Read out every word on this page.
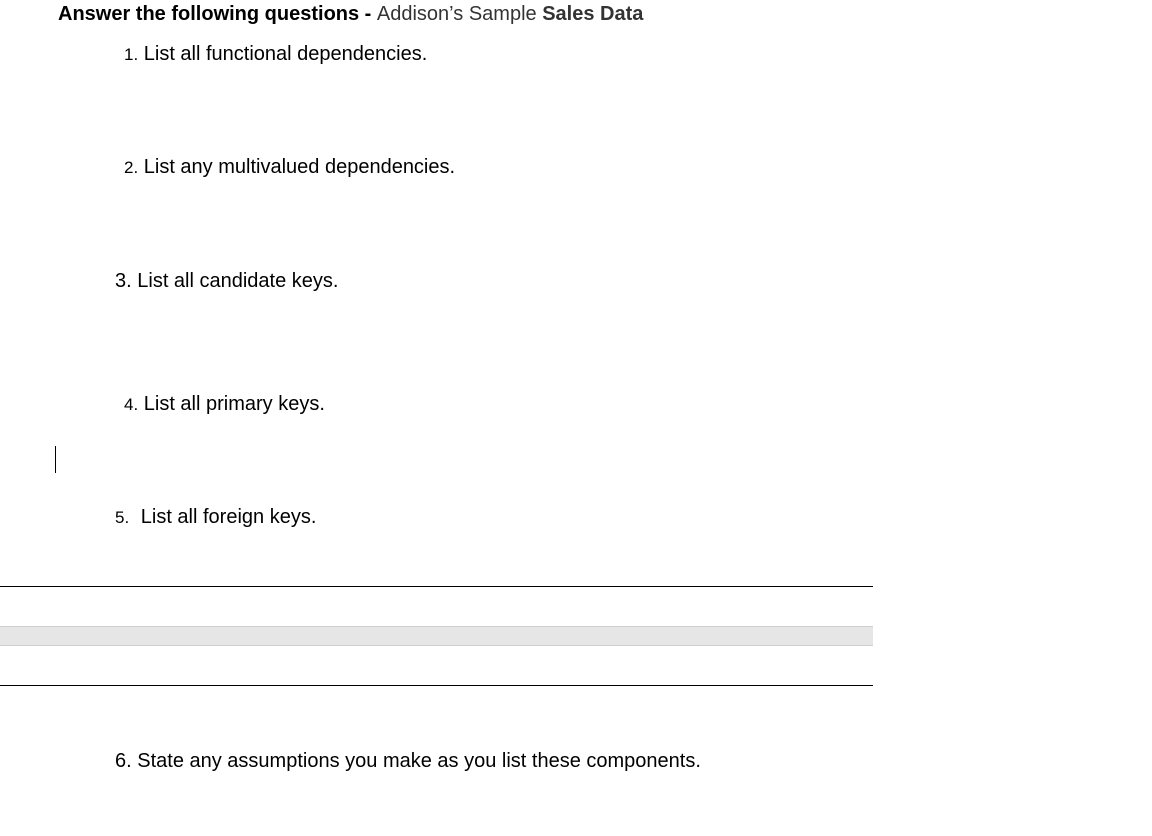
Answer the following questions - Addison’s Sample Sales Data
1. List all functional dependencies.
2. List any multivalued dependencies.
3. List all candidate keys.
4. List all primary keys.
5. List all foreign keys.
6. State any assumptions you make as you list these components.
